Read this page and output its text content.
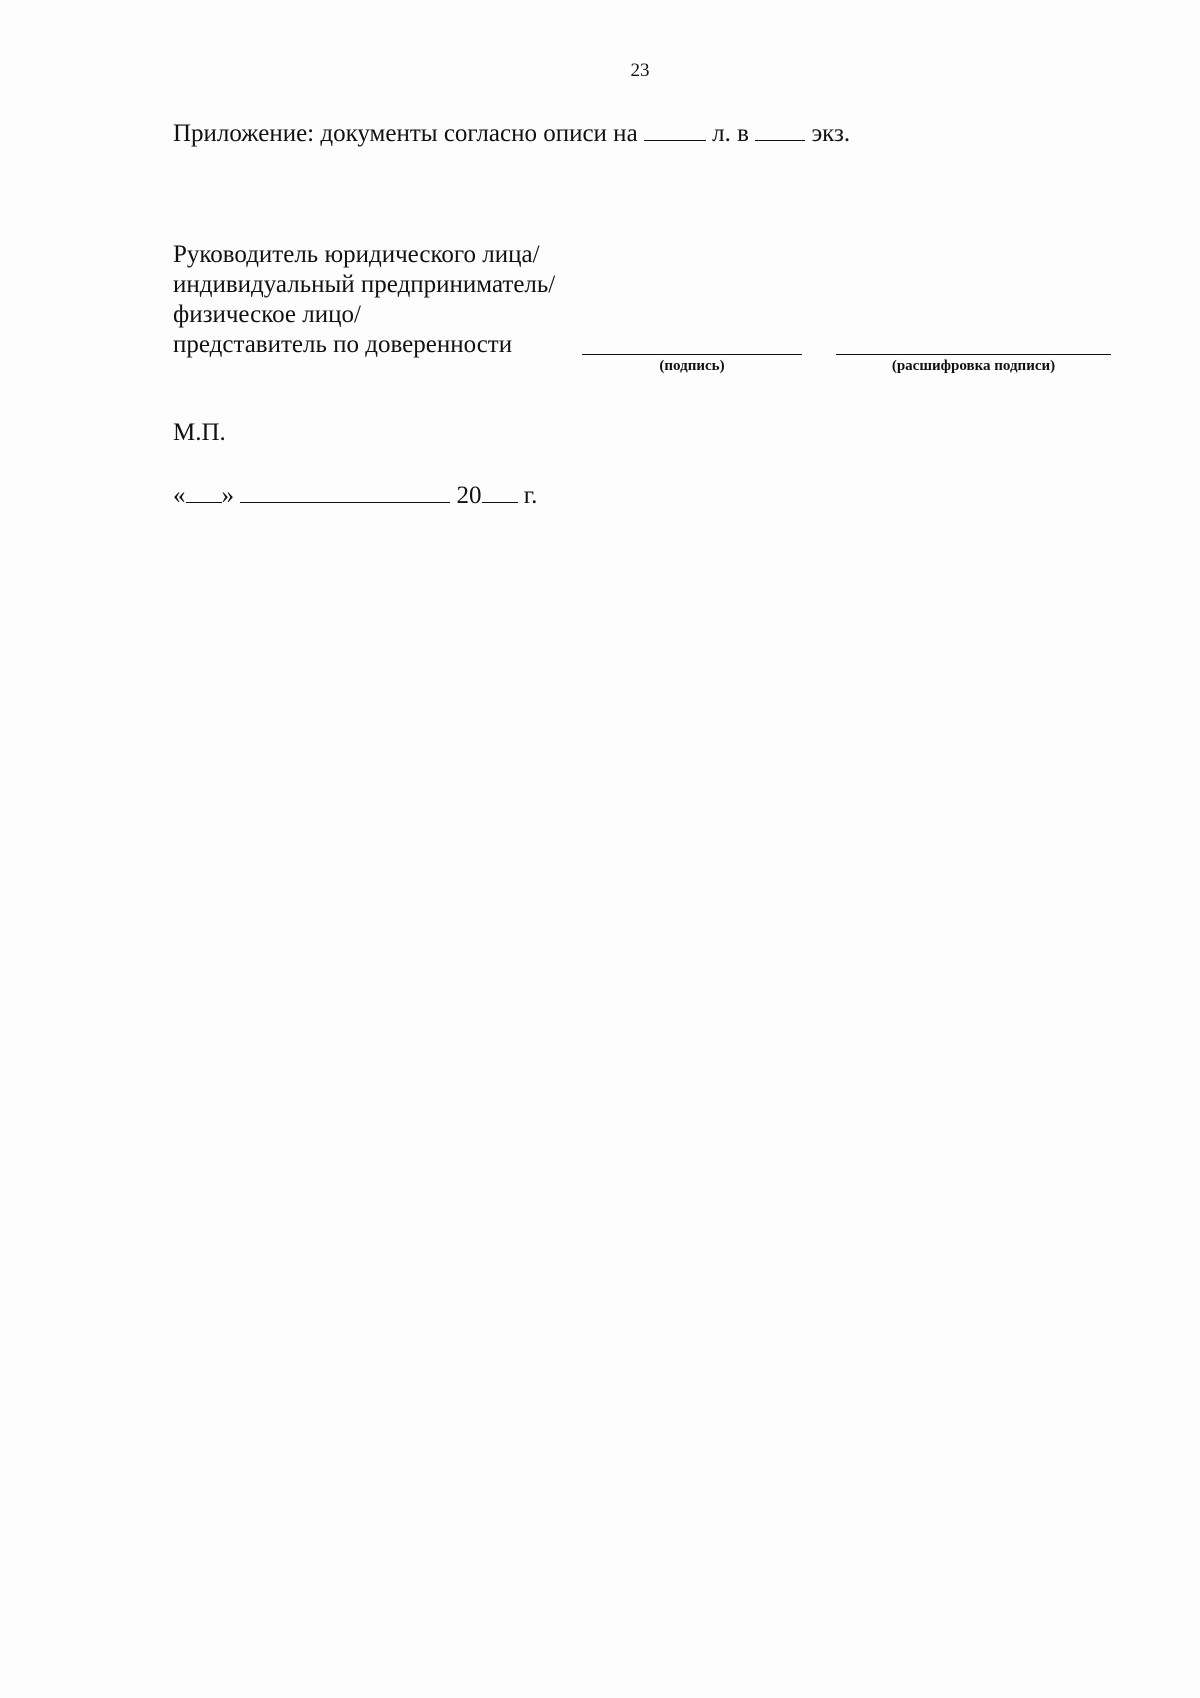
23
Приложение: документы согласно описи на	л. в	экз.
Руководитель юридического лица/
индивидуальный предприниматель/
физическое лицо/
представитель по доверенности
(подпись)	(расшифровка подписи)
М.П.
« »	20 г.
